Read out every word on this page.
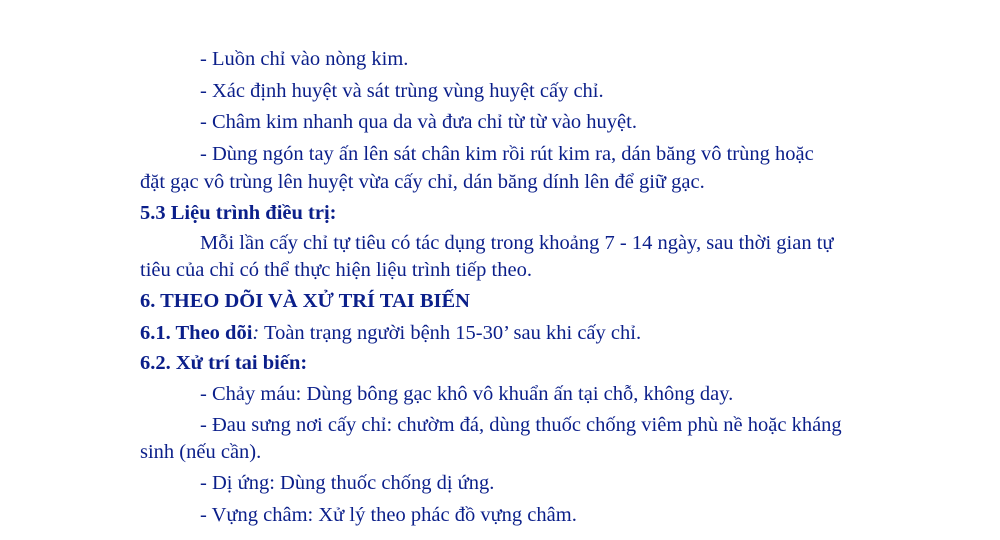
- Luồn chỉ vào nòng kim.
- Xác định huyệt và sát trùng vùng huyệt cấy chỉ.
- Châm kim nhanh qua da và đưa chỉ từ từ vào huyệt.
- Dùng ngón tay ấn lên sát chân kim rồi rút kim ra, dán băng vô trùng hoặc
đặt gạc vô trùng lên huyệt vừa cấy chỉ, dán băng dính lên để giữ gạc.
5.3 Liệu trình điều trị:
Mỗi lần cấy chỉ tự tiêu có tác dụng trong khoảng 7 - 14 ngày, sau thời gian tự
tiêu của chỉ có thể thực hiện liệu trình tiếp theo.
6. THEO DÕI VÀ XỬ TRÍ TAI BIẾN
6.1. Theo dõi: Toàn trạng người bệnh 15-30’ sau khi cấy chỉ.
6.2. Xử trí tai biến:
- Chảy máu: Dùng bông gạc khô vô khuẩn ấn tại chỗ, không day.
- Đau sưng nơi cấy chỉ: chườm đá, dùng thuốc chống viêm phù nề hoặc kháng
sinh (nếu cần).
- Dị ứng: Dùng thuốc chống dị ứng.
- Vựng châm: Xử lý theo phác đồ vựng châm.
